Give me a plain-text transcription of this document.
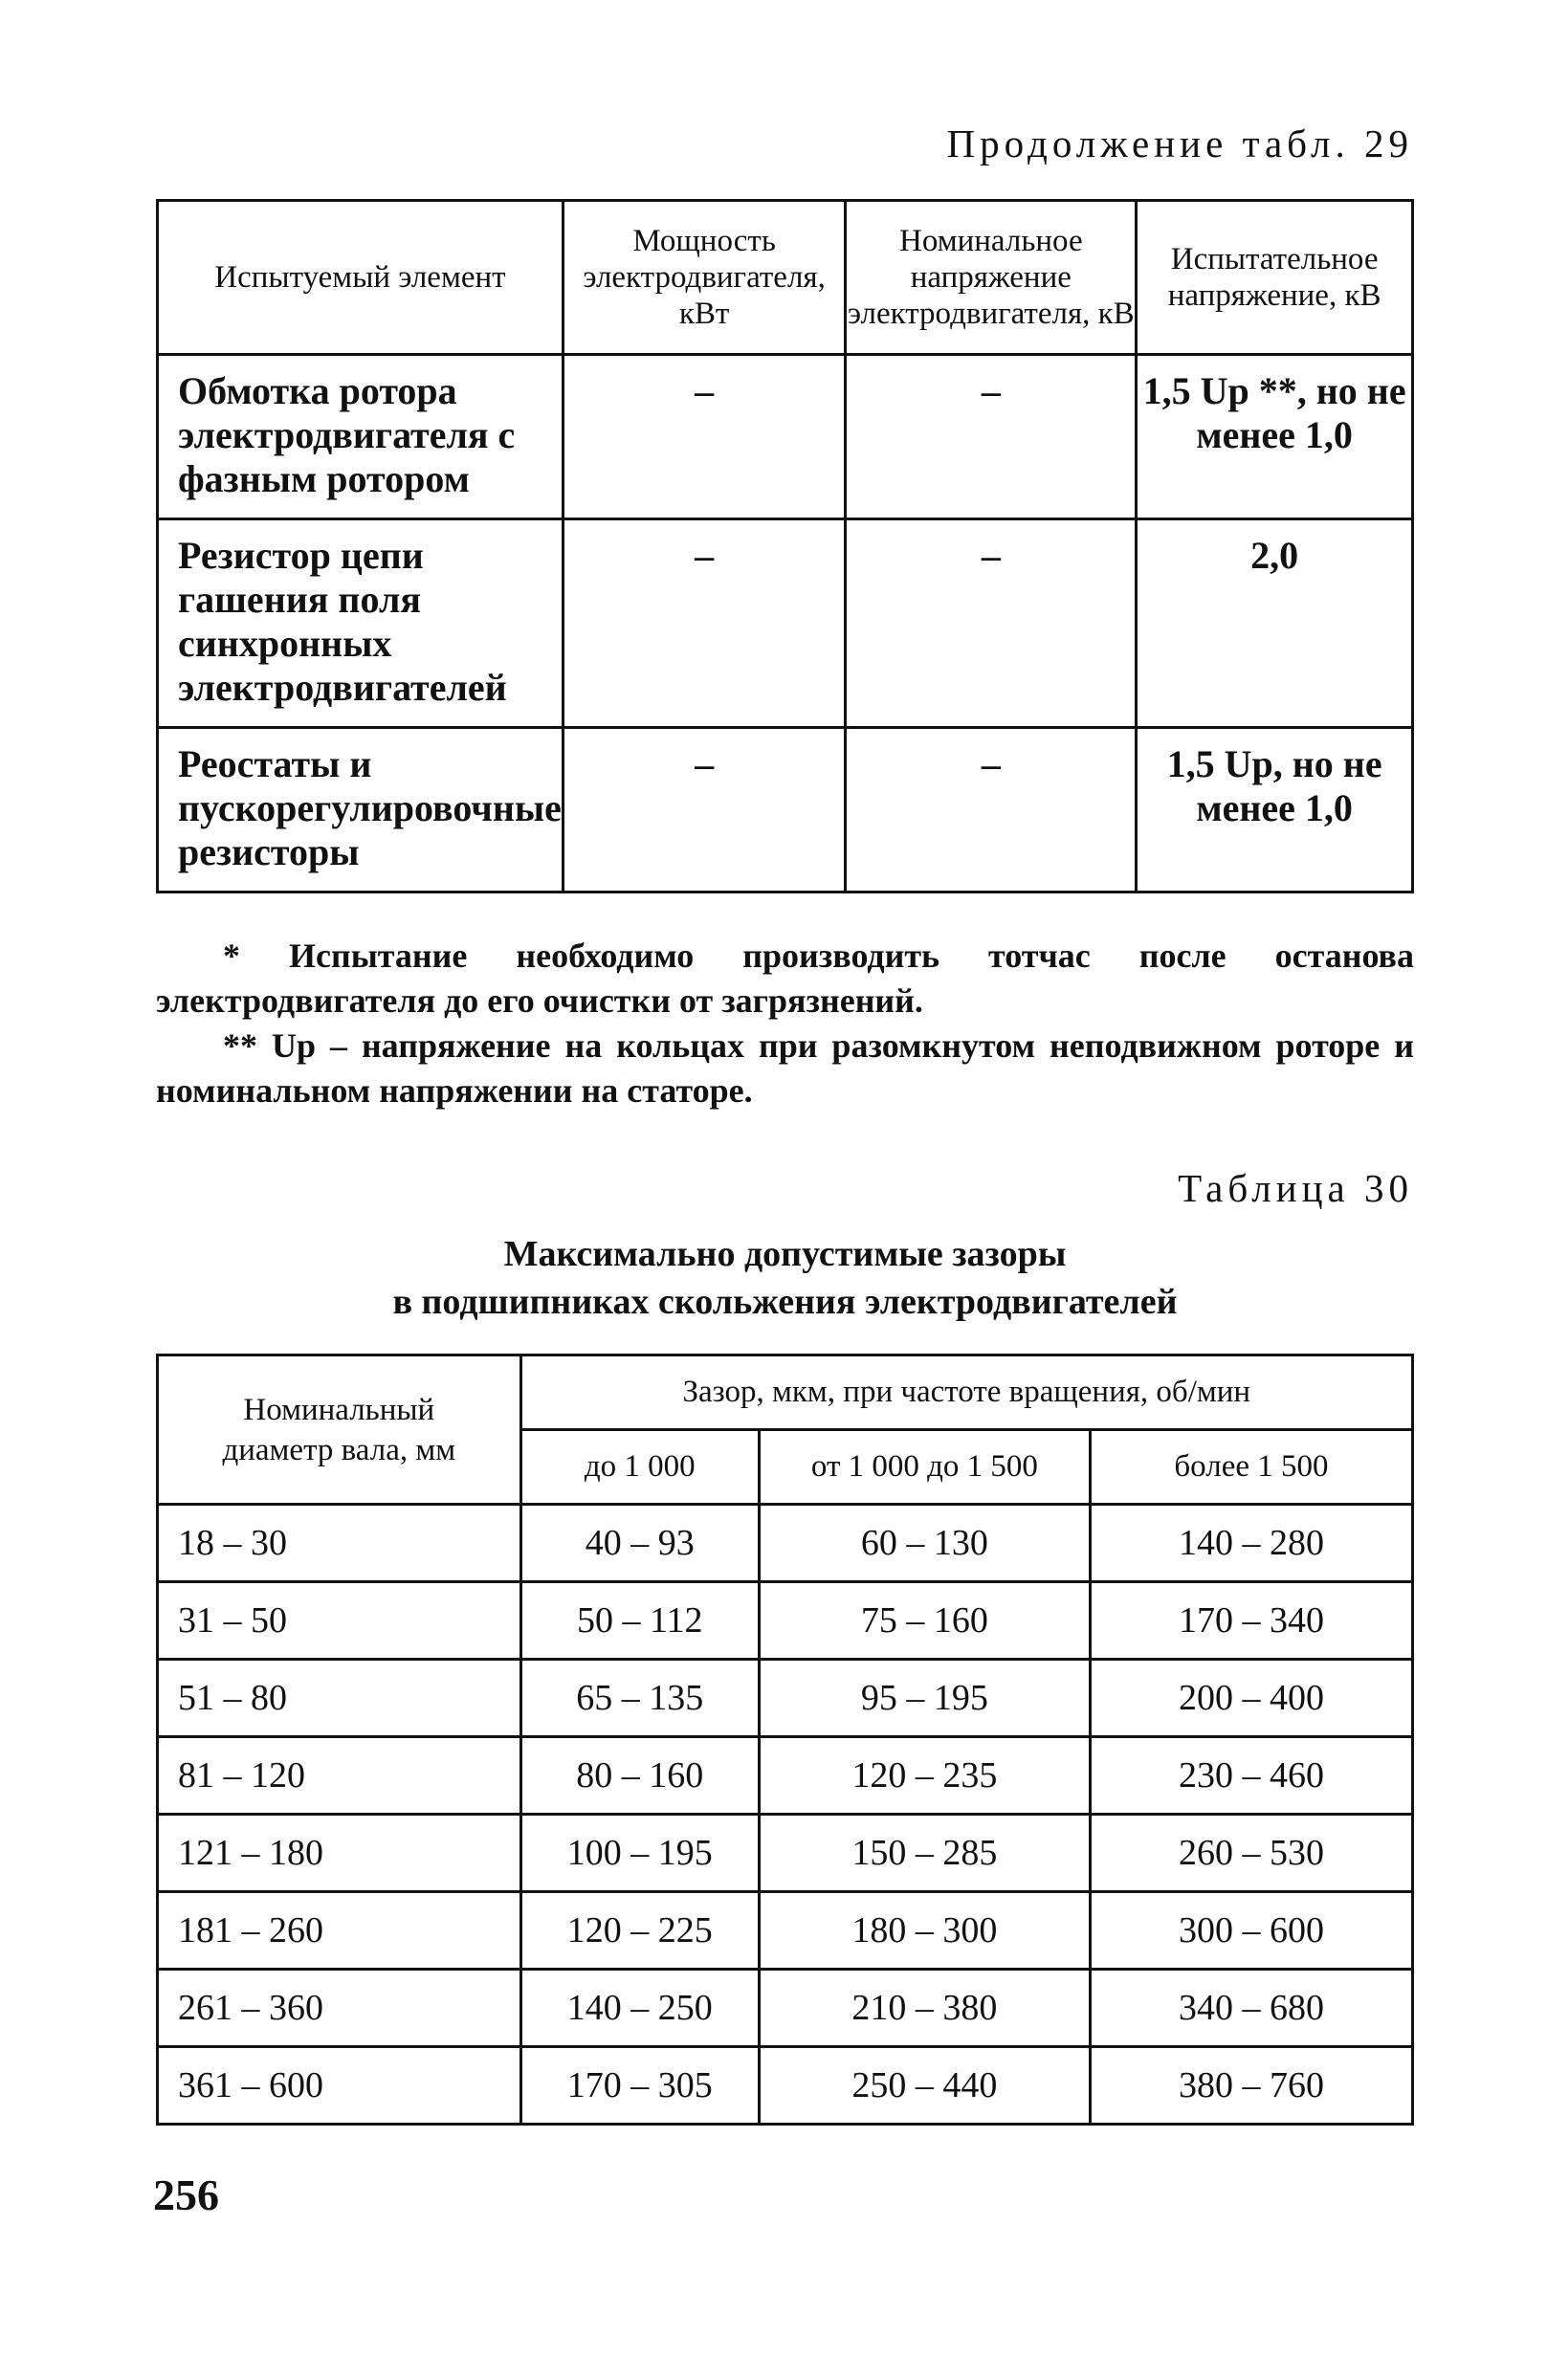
Продолжение табл. 29
Испытуемый элемент	Мощность электродвигателя, кВт	Номинальное напряжение электродвигателя, кВ	Испытательное напряжение, кВ
Обмотка ротора электродвигателя с фазным ротором	–	–	1,5 Uр **, но не менее 1,0
Резистор цепи гашения поля синхронных электродвигателей	–	–	2,0
Реостаты и пускорегулировочные резисторы	–	–	1,5 Uр, но не менее 1,0

* Испытание необходимо производить тотчас после останова электродвигателя до его очистки от загрязнений.

** Uр – напряжение на кольцах при разомкнутом неподвижном роторе и номинальном напряжении на статоре.

Таблица 30
Максимально допустимые зазоры
в подшипниках скольжения электродвигателей
Номинальный диаметр вала, мм	Зазор, мкм, при частоте вращения, об/мин		
	до 1 000	от 1 000 до 1 500	более 1 500
18 – 30	40 – 93	60 – 130	140 – 280
31 – 50	50 – 112	75 – 160	170 – 340
51 – 80	65 – 135	95 – 195	200 – 400
81 – 120	80 – 160	120 – 235	230 – 460
121 – 180	100 – 195	150 – 285	260 – 530
181 – 260	120 – 225	180 – 300	300 – 600
261 – 360	140 – 250	210 – 380	340 – 680
361 – 600	170 – 305	250 – 440	380 – 760
256
